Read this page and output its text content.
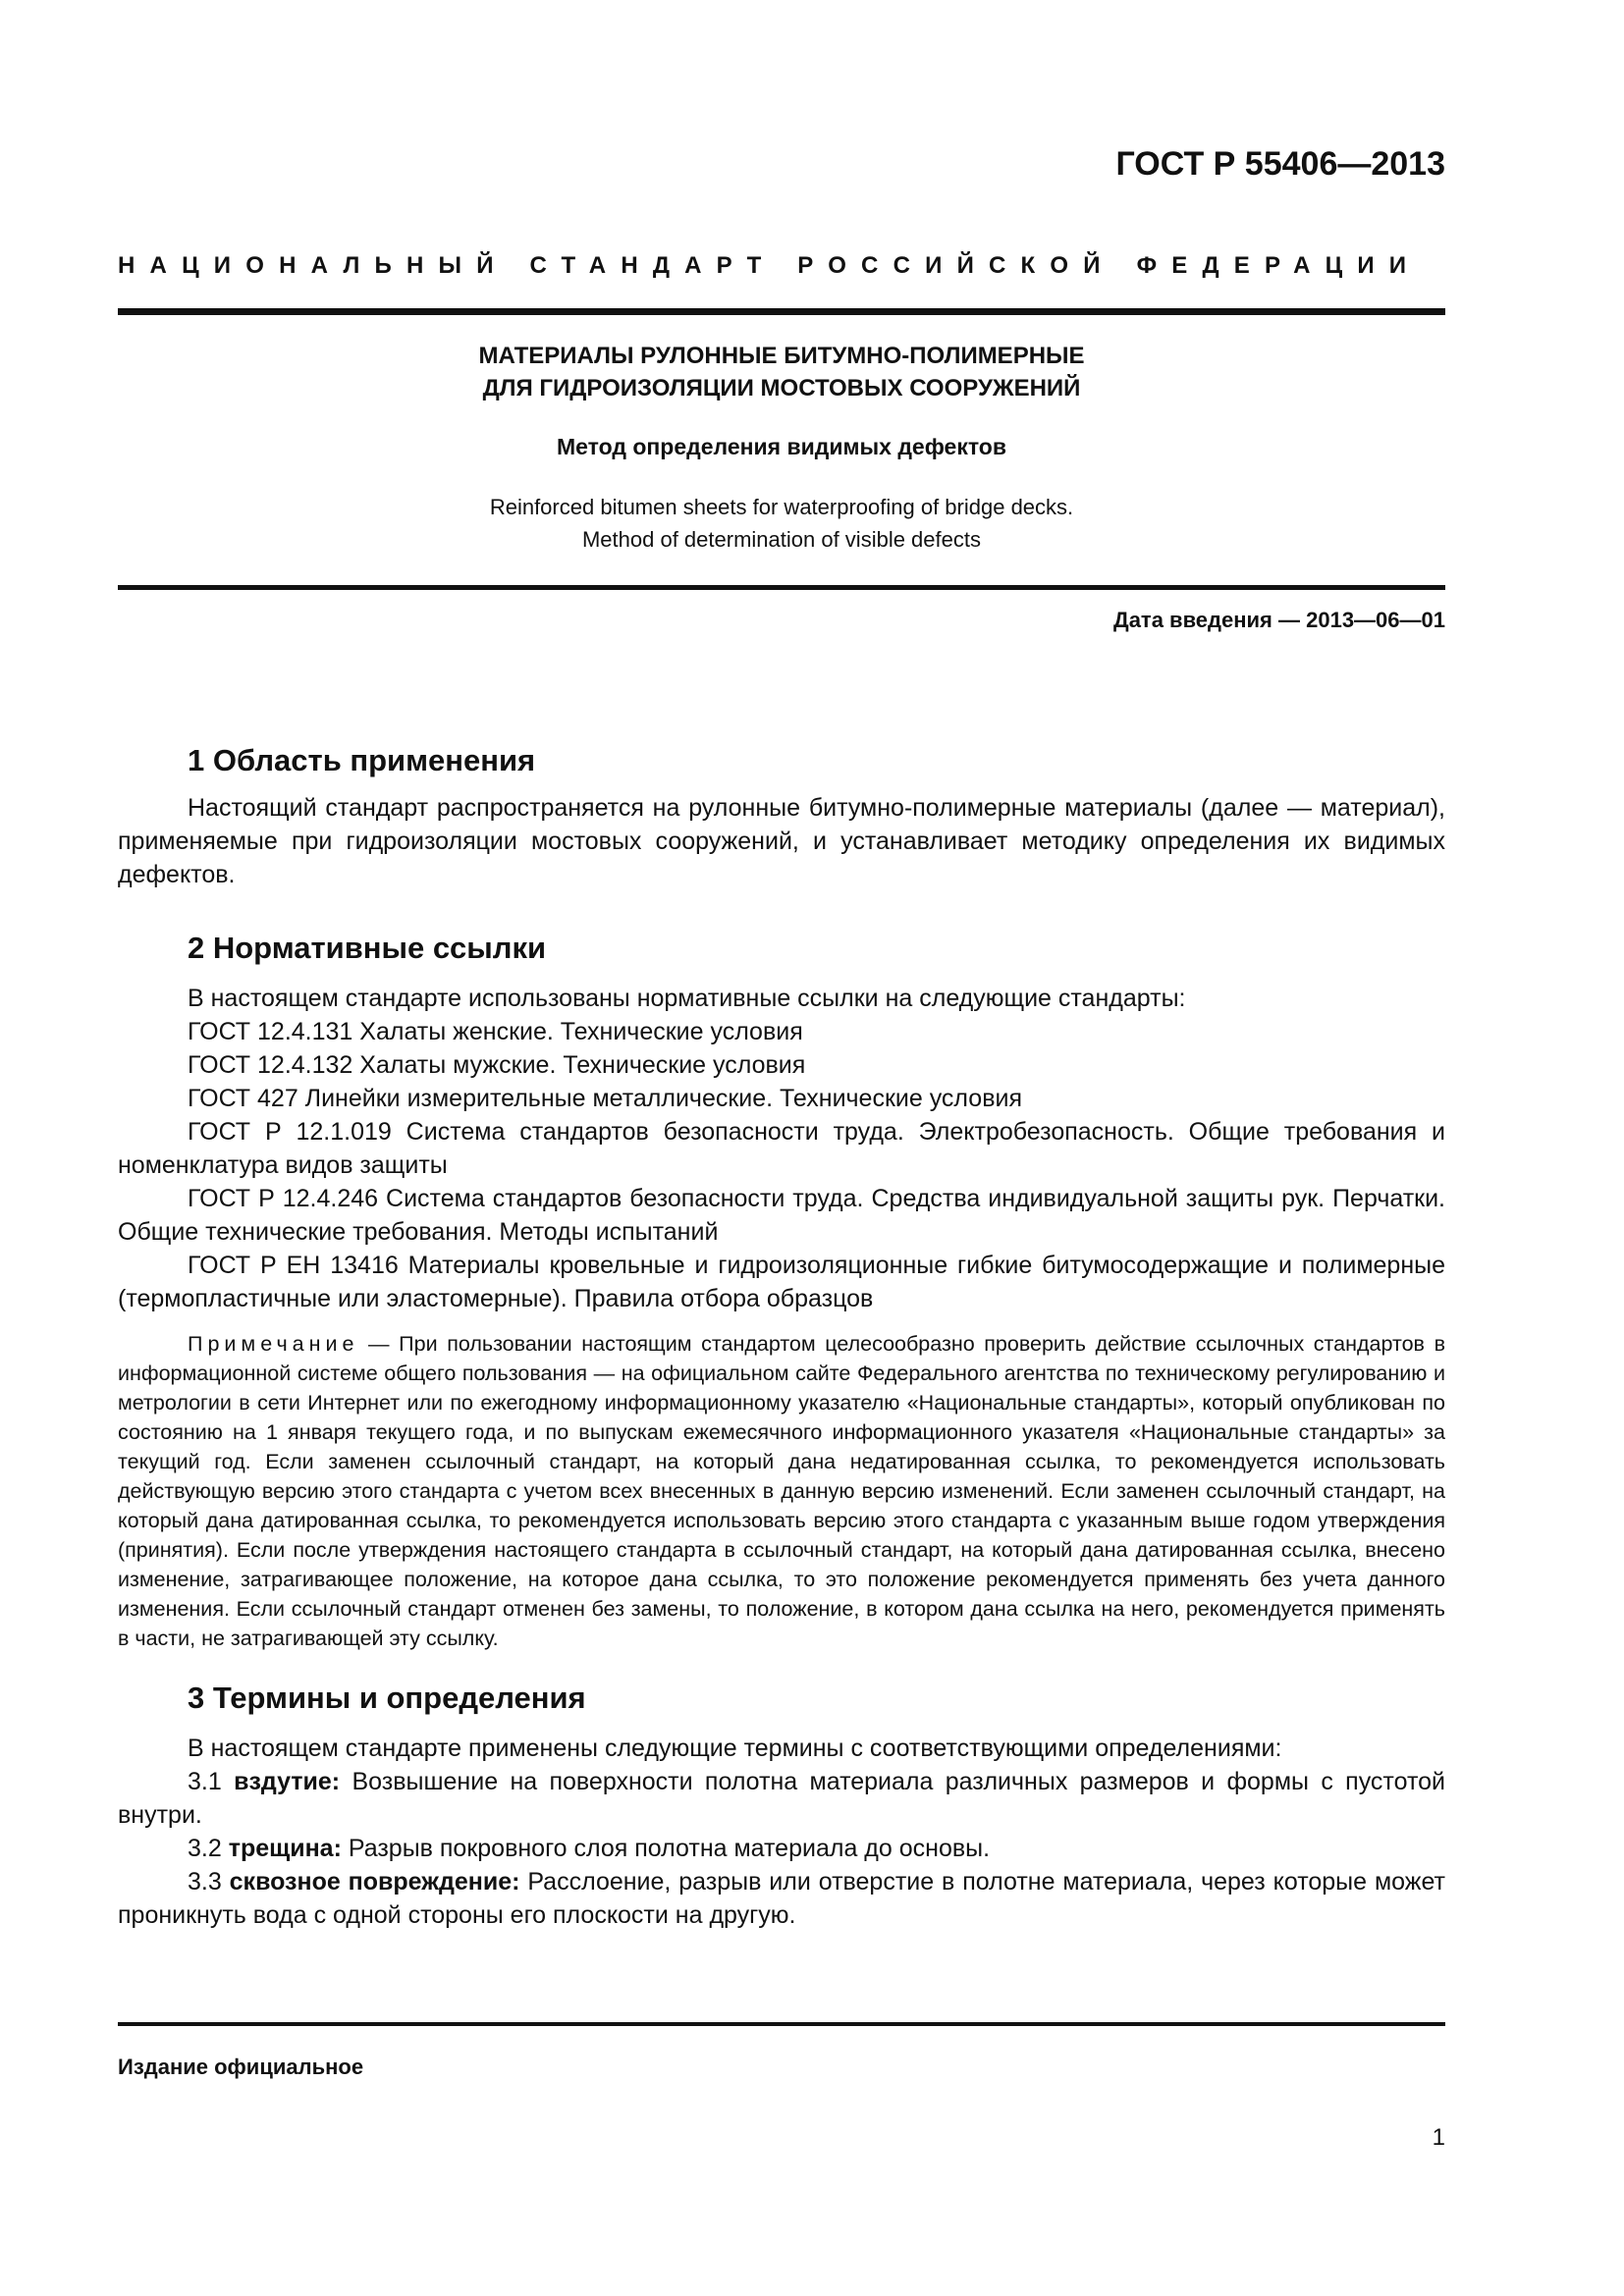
ГОСТ Р 55406—2013
НАЦИОНАЛЬНЫЙ СТАНДАРТ РОССИЙСКОЙ ФЕДЕРАЦИИ
МАТЕРИАЛЫ РУЛОННЫЕ БИТУМНО-ПОЛИМЕРНЫЕ
ДЛЯ ГИДРОИЗОЛЯЦИИ МОСТОВЫХ СООРУЖЕНИЙ
Метод определения видимых дефектов
Reinforced bitumen sheets for waterproofing of bridge decks.
Method of determination of visible defects
Дата введения — 2013—06—01
1 Область применения

Настоящий стандарт распространяется на рулонные битумно-полимерные материалы (далее — материал), применяемые при гидроизоляции мостовых сооружений, и устанавливает методику определения их видимых дефектов.

2 Нормативные ссылки

В настоящем стандарте использованы нормативные ссылки на следующие стандарты:

ГОСТ 12.4.131 Халаты женские. Технические условия

ГОСТ 12.4.132 Халаты мужские. Технические условия

ГОСТ 427 Линейки измерительные металлические. Технические условия

ГОСТ Р 12.1.019 Система стандартов безопасности труда. Электробезопасность. Общие требования и номенклатура видов защиты

ГОСТ Р 12.4.246 Система стандартов безопасности труда. Средства индивидуальной защиты рук. Перчатки. Общие технические требования. Методы испытаний

ГОСТ Р ЕН 13416 Материалы кровельные и гидроизоляционные гибкие битумосодержащие и полимерные (термопластичные или эластомерные). Правила отбора образцов

Примечание — При пользовании настоящим стандартом целесообразно проверить действие ссылочных стандартов в информационной системе общего пользования — на официальном сайте Федерального агентства по техническому регулированию и метрологии в сети Интернет или по ежегодному информационному указателю «Национальные стандарты», который опубликован по состоянию на 1 января текущего года, и по выпускам ежемесячного информационного указателя «Национальные стандарты» за текущий год. Если заменен ссылочный стандарт, на который дана недатированная ссылка, то рекомендуется использовать действующую версию этого стандарта с учетом всех внесенных в данную версию изменений. Если заменен ссылочный стандарт, на который дана датированная ссылка, то рекомендуется использовать версию этого стандарта с указанным выше годом утверждения (принятия). Если после утверждения настоящего стандарта в ссылочный стандарт, на который дана датированная ссылка, внесено изменение, затрагивающее положение, на которое дана ссылка, то это положение рекомендуется применять без учета данного изменения. Если ссылочный стандарт отменен без замены, то положение, в котором дана ссылка на него, рекомендуется применять в части, не затрагивающей эту ссылку.
3 Термины и определения

В настоящем стандарте применены следующие термины с соответствующими определениями:

3.1 вздутие: Возвышение на поверхности полотна материала различных размеров и формы с пустотой внутри.

3.2 трещина: Разрыв покровного слоя полотна материала до основы.

3.3 сквозное повреждение: Расслоение, разрыв или отверстие в полотне материала, через которые может проникнуть вода с одной стороны его плоскости на другую.

Издание официальное
1
